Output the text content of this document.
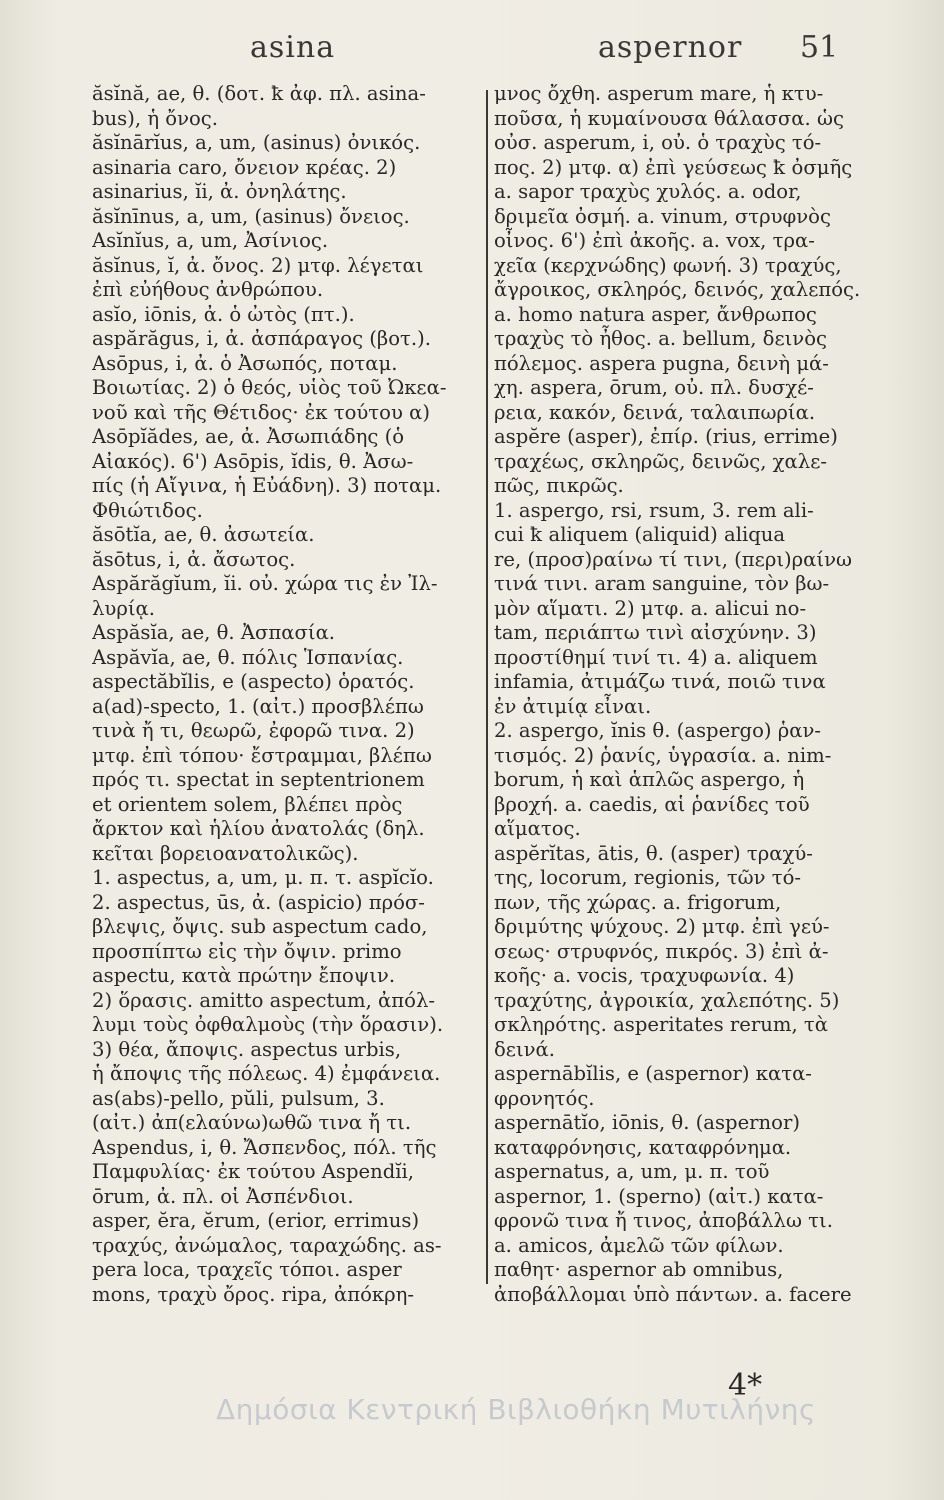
asina	aspernor 51
ăsĭnă, ae, θ. (δοτ. ꝁ ἀφ. πλ. asina-
bus), ἡ ὄνος.
ăsĭnārĭus, a, um, (asinus) ὀνικός.
asinaria caro, ὄνειον κρέας. 2)
asinarius, ĭi, ἀ. ὀνηλάτης.
ăsĭnīnus, a, um, (asinus) ὄνειος.
Asĭnĭus, a, um, Ἀσίνιος.
ăsĭnus, ĭ, ἀ. ὄνος. 2) μτφ. λέγεται
ἐπὶ εὐήθους ἀνθρώπου.
asĭo, iōnis, ἀ. ὁ ὠτὸς (πτ.).
aspărăgus, i, ἀ. ἀσπάραγος (βοτ.).
Asōpus, i, ἀ. ὁ Ἀσωπός, ποταμ.
Βοιωτίας. 2) ὁ θεός, υἱὸς τοῦ Ὠκεα-
νοῦ καὶ τῆς Θέτιδος· ἐκ τούτου α)
Asōpĭădes, ae, ἀ. Ἀσωπιάδης (ὁ
Αἰακός). 6') Asōpis, ĭdis, θ. Ἀσω-
πίς (ἡ Αἴγινα, ἡ Εὐάδνη). 3) ποταμ.
Φθιώτιδος.
ăsōtĭa, ae, θ. ἀσωτεία.
ăsōtus, i, ἀ. ἄσωτος.
Aspărăgĭum, ĭi. οὐ. χώρα τις ἐν Ἰλ-
λυρίᾳ.
Aspăsĭa, ae, θ. Ἀσπασία.
Aspăvĭa, ae, θ. πόλις Ἱσπανίας.
aspectăbĭlis, e (aspecto) ὁρατός.
a(ad)-specto, 1. (αἰτ.) προσβλέπω
τινὰ ἤ τι, θεωρῶ, ἐφορῶ τινα. 2)
μτφ. ἐπὶ τόπου· ἔστραμμαι, βλέπω
πρός τι. spectat in septentrionem
et orientem solem, βλέπει πρὸς
ἄρκτον καὶ ἡλίου ἀνατολάς (δηλ.
κεῖται βορειοανατολικῶς).
1. aspectus, a, um, μ. π. τ. aspĭcĭo.
2. aspectus, ūs, ἀ. (aspicio) πρόσ-
βλεψις, ὄψις. sub aspectum cado,
προσπίπτω εἰς τὴν ὄψιν. primo
aspectu, κατὰ πρώτην ἔποψιν.
2) ὅρασις. amitto aspectum, ἀπόλ-
λυμι τοὺς ὀφθαλμοὺς (τὴν ὅρασιν).
3) θέα, ἄποψις. aspectus urbis,
ἡ ἄποψις τῆς πόλεως. 4) ἐμφάνεια.
as(abs)-pello, pŭli, pulsum, 3.
(αἰτ.) ἀπ(ελαύνω)ωθῶ τινα ἤ τι.
Aspendus, i, θ. Ἄσπενδος, πόλ. τῆς
Παμφυλίας· ἐκ τούτου Aspendĭi,
ōrum, ἀ. πλ. οἱ Ἀσπένδιοι.
asper, ĕra, ĕrum, (erior, errimus)
τραχύς, ἀνώμαλος, ταραχώδης. as-
pera loca, τραχεῖς τόποι. asper
mons, τραχὺ ὄρος. ripa, ἀπόκρη-
μνος ὄχθη. asperum mare, ἡ κτυ-
ποῦσα, ἡ κυμαίνουσα θάλασσα. ὡς
οὐσ. asperum, i, οὐ. ὁ τραχὺς τό-
πος. 2) μτφ. α) ἐπὶ γεύσεως ꝁ ὀσμῆς
a. sapor τραχὺς χυλός. a. odor,
δριμεῖα ὀσμή. a. vinum, στρυφνὸς
οἶνος. 6') ἐπὶ ἀκοῆς. a. vox, τρα-
χεῖα (κερχνώδης) φωνή. 3) τραχύς,
ἄγροικος, σκληρός, δεινός, χαλεπός.
a. homo natura asper, ἄνθρωπος
τραχὺς τὸ ἦθος. a. bellum, δεινὸς
πόλεμος. aspera pugna, δεινὴ μά-
χη. aspera, ōrum, οὐ. πλ. δυσχέ-
ρεια, κακόν, δεινά, ταλαιπωρία.
aspĕre (asper), ἐπίρ. (rius, errime)
τραχέως, σκληρῶς, δεινῶς, χαλε-
πῶς, πικρῶς.
1. aspergo, rsi, rsum, 3. rem ali-
cui ꝁ aliquem (aliquid) aliqua
re, (προσ)ραίνω τί τινι, (περι)ραίνω
τινά τινι. aram sanguine, τὸν βω-
μὸν αἵματι. 2) μτφ. a. alicui no-
tam, περιάπτω τινὶ αἰσχύνην. 3)
προστίθημί τινί τι. 4) a. aliquem
infamia, ἀτιμάζω τινά, ποιῶ τινα
ἐν ἀτιμίᾳ εἶναι.
2. aspergo, ĭnis θ. (aspergo) ῥαν-
τισμός. 2) ῥανίς, ὑγρασία. a. nim-
borum, ἡ καὶ ἁπλῶς aspergo, ἡ
βροχή. a. caedis, αἱ ῥανίδες τοῦ
αἵματος.
aspĕrĭtas, ātis, θ. (asper) τραχύ-
της, locorum, regionis, τῶν τό-
πων, τῆς χώρας. a. frigorum,
δριμύτης ψύχους. 2) μτφ. ἐπὶ γεύ-
σεως· στρυφνός, πικρός. 3) ἐπὶ ἀ-
κοῆς· a. vocis, τραχυφωνία. 4)
τραχύτης, ἀγροικία, χαλεπότης. 5)
σκληρότης. asperitates rerum, τὰ
δεινά.
aspernābĭlis, e (aspernor) κατα-
φρονητός.
aspernātĭo, iōnis, θ. (aspernor)
καταφρόνησις, καταφρόνημα.
aspernatus, a, um, μ. π. τοῦ
aspernor, 1. (sperno) (αἰτ.) κατα-
φρονῶ τινα ἤ τινος, ἀποβάλλω τι.
a. amicos, ἀμελῶ τῶν φίλων.
παθητ· aspernor ab omnibus,
ἀποβάλλομαι ὑπὸ πάντων. a. facere
4*
Δημόσια Κεντρική Βιβλιοθήκη Μυτιλήνης
